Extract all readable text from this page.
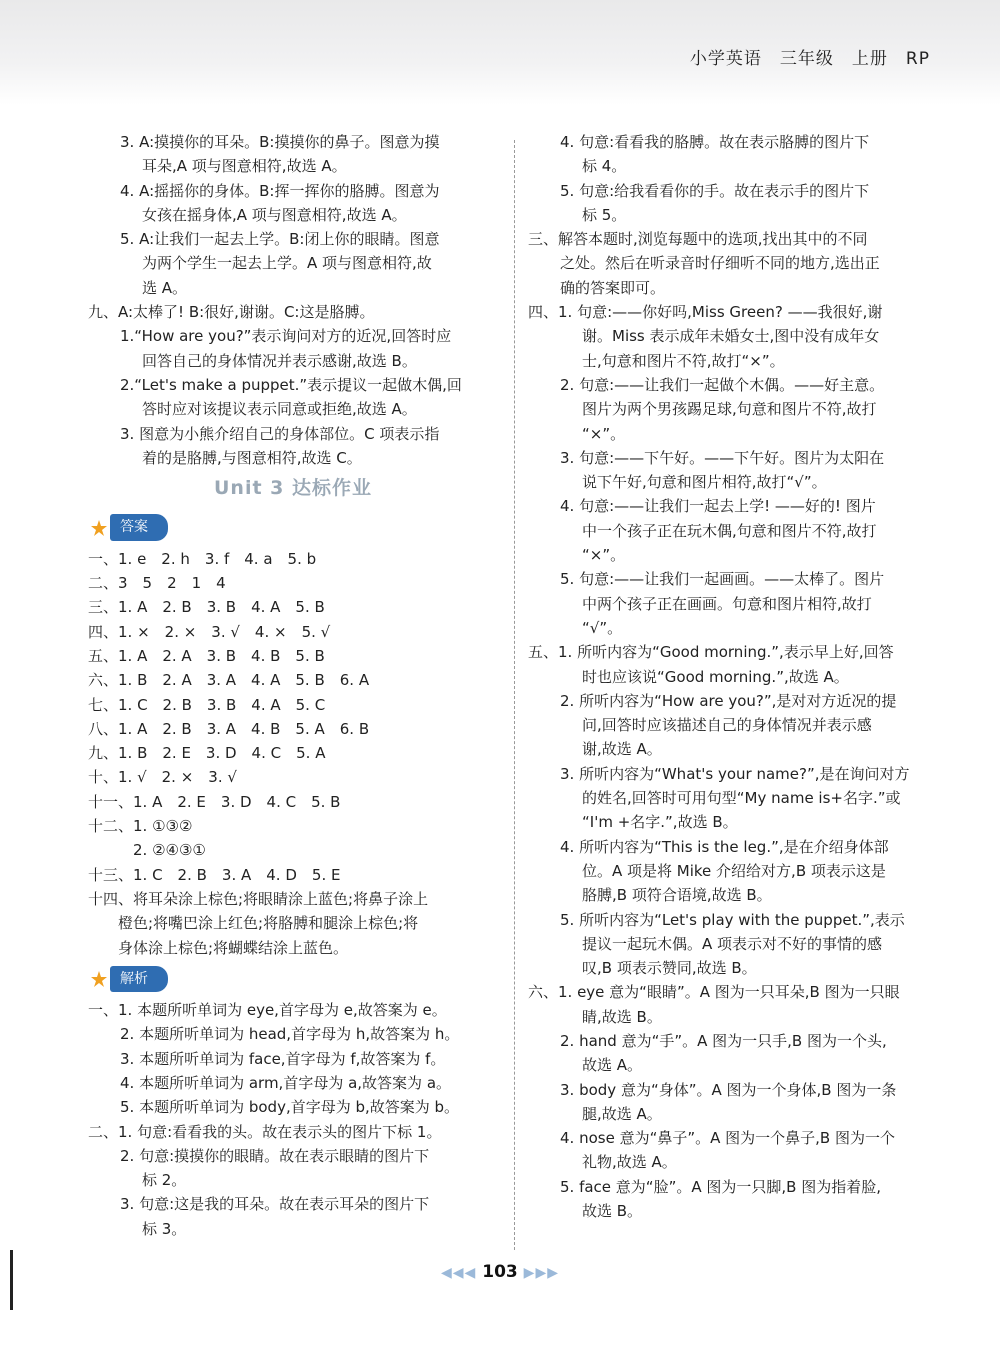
小学英语　三年级　上册　RP
3. A:摸摸你的耳朵。B:摸摸你的鼻子。图意为摸
耳朵,A 项与图意相符,故选 A。
4. A:摇摇你的身体。B:挥一挥你的胳膊。图意为
女孩在摇身体,A 项与图意相符,故选 A。
5. A:让我们一起去上学。B:闭上你的眼睛。图意
为两个学生一起去上学。A 项与图意相符,故
选 A。
九、A:太棒了! B:很好,谢谢。C:这是胳膊。
1.“How are you?”表示询问对方的近况,回答时应
回答自己的身体情况并表示感谢,故选 B。
2.“Let's make a puppet.”表示提议一起做木偶,回
答时应对该提议表示同意或拒绝,故选 A。
3. 图意为小熊介绍自己的身体部位。C 项表示指
着的是胳膊,与图意相符,故选 C。
Unit 3 达标作业
答案
一、1. e　2. h　3. f　4. a　5. b
二、3　5　2　1　4
三、1. A　2. B　3. B　4. A　5. B
四、1. ×　2. ×　3. √　4. ×　5. √
五、1. A　2. A　3. B　4. B　5. B
六、1. B　2. A　3. A　4. A　5. B　6. A
七、1. C　2. B　3. B　4. A　5. C
八、1. A　2. B　3. A　4. B　5. A　6. B
九、1. B　2. E　3. D　4. C　5. A
十、1. √　2. ×　3. √
十一、1. A　2. E　3. D　4. C　5. B
十二、1. ①③②
　　　2. ②④③①
十三、1. C　2. B　3. A　4. D　5. E
十四、将耳朵涂上棕色;将眼睛涂上蓝色;将鼻子涂上
　　橙色;将嘴巴涂上红色;将胳膊和腿涂上棕色;将
　　身体涂上棕色;将蝴蝶结涂上蓝色。
解析
一、1. 本题所听单词为 eye,首字母为 e,故答案为 e。
2. 本题所听单词为 head,首字母为 h,故答案为 h。
3. 本题所听单词为 face,首字母为 f,故答案为 f。
4. 本题所听单词为 arm,首字母为 a,故答案为 a。
5. 本题所听单词为 body,首字母为 b,故答案为 b。
二、1. 句意:看看我的头。故在表示头的图片下标 1。
2. 句意:摸摸你的眼睛。故在表示眼睛的图片下
标 2。
3. 句意:这是我的耳朵。故在表示耳朵的图片下
标 3。
4. 句意:看看我的胳膊。故在表示胳膊的图片下
标 4。
5. 句意:给我看看你的手。故在表示手的图片下
标 5。
三、解答本题时,浏览每题中的选项,找出其中的不同
之处。然后在听录音时仔细听不同的地方,选出正
确的答案即可。
四、1. 句意:——你好吗,Miss Green? ——我很好,谢
谢。Miss 表示成年未婚女士,图中没有成年女
士,句意和图片不符,故打“×”。
2. 句意:——让我们一起做个木偶。——好主意。
图片为两个男孩踢足球,句意和图片不符,故打
“×”。
3. 句意:——下午好。——下午好。图片为太阳在
说下午好,句意和图片相符,故打“√”。
4. 句意:——让我们一起去上学! ——好的! 图片
中一个孩子正在玩木偶,句意和图片不符,故打
“×”。
5. 句意:——让我们一起画画。——太棒了。图片
中两个孩子正在画画。句意和图片相符,故打
“√”。
五、1. 所听内容为“Good morning.”,表示早上好,回答
时也应该说“Good morning.”,故选 A。
2. 所听内容为“How are you?”,是对对方近况的提
问,回答时应该描述自己的身体情况并表示感
谢,故选 A。
3. 所听内容为“What's your name?”,是在询问对方
的姓名,回答时可用句型“My name is+名字.”或
“I'm +名字.”,故选 B。
4. 所听内容为“This is the leg.”,是在介绍身体部
位。A 项是将 Mike 介绍给对方,B 项表示这是
胳膊,B 项符合语境,故选 B。
5. 所听内容为“Let's play with the puppet.”,表示
提议一起玩木偶。A 项表示对不好的事情的感
叹,B 项表示赞同,故选 B。
六、1. eye 意为“眼睛”。A 图为一只耳朵,B 图为一只眼
睛,故选 B。
2. hand 意为“手”。A 图为一只手,B 图为一个头,
故选 A。
3. body 意为“身体”。A 图为一个身体,B 图为一条
腿,故选 A。
4. nose 意为“鼻子”。A 图为一个鼻子,B 图为一个
礼物,故选 A。
5. face 意为“脸”。A 图为一只脚,B 图为指着脸,
故选 B。
◀◀◀ 103 ▶▶▶
